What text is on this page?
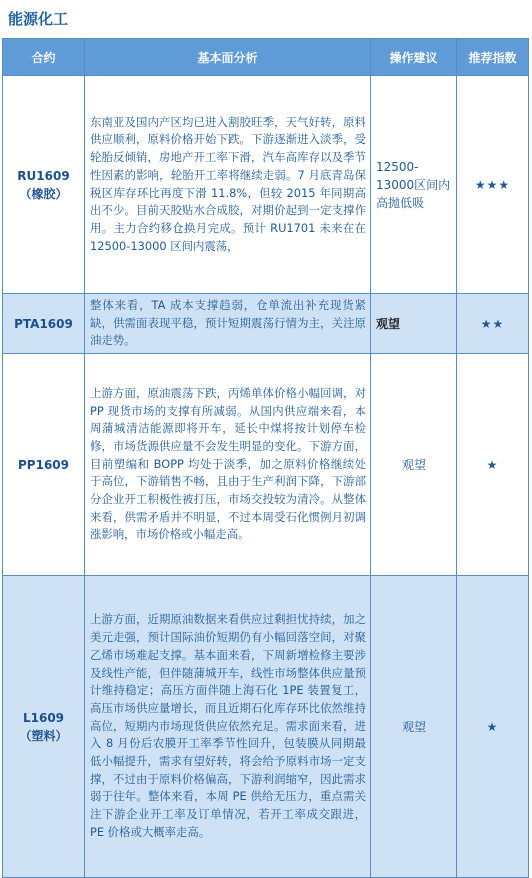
能源化工
合约	基本面分析	操作建议	推荐指数

RU1609
（橡胶）	东南亚及国内产区均已进入割胶旺季，天气好转，原料供应顺利，原料价格开始下跌。下游逐渐进入淡季，受轮胎反倾销，房地产开工率下滑，汽车高库存以及季节性因素的影响，轮胎开工率将继续走弱。7 月底青岛保税区库存环比再度下滑 11.8%，但较 2015 年同期高出不少。目前天胶贴水合成胶，对期价起到一定支撑作用。主力合约移仓换月完成。预计 RU1701 未来在在 12500-13000 区间内震荡，	12500-13000区间内高抛低吸	★★★

PTA1609	整体来看，TA 成本支撑趋弱，仓单流出补充现货紧缺，供需面表现平稳，预计短期震荡行情为主，关注原油走势。	观望	★★

PP1609	上游方面，原油震荡下跌，丙烯单体价格小幅回调，对 PP 现货市场的支撑有所减弱。从国内供应端来看，本周蒲城清洁能源即将开车，延长中煤将按计划停车检修，市场货源供应量不会发生明显的变化。下游方面，目前塑编和 BOPP 均处于淡季，加之原料价格继续处于高位，下游销售不畅，且由于生产利润下降，下游部分企业开工积极性被打压，市场交投较为清冷。从整体来看，供需矛盾并不明显，不过本周受石化惯例月初调涨影响，市场价格或小幅走高。	观望	★

L1609
（塑料）	上游方面，近期原油数据来看供应过剩担忧持续，加之美元走强，预计国际油价短期仍有小幅回落空间，对聚乙烯市场难起支撑。基本面来看，下周新增检修主要涉及线性产能，但伴随蒲城开车，线性市场整体供应量预计维持稳定；高压方面伴随上海石化 1PE 装置复工，高压市场供应量增长，而且近期石化库存环比依然维持高位，短期内市场现货供应依然充足。需求面来看，进入 8 月份后农膜开工率季节性回升，包装膜从同期最低小幅提升，需求有望好转，将会给予原料市场一定支撑，不过由于原料价格偏高，下游利润缩窄，因此需求弱于往年。整体来看，本周 PE 供给无压力，重点需关注下游企业开工率及订单情况，若开工率成交跟进，PE 价格或大概率走高。	观望	★
